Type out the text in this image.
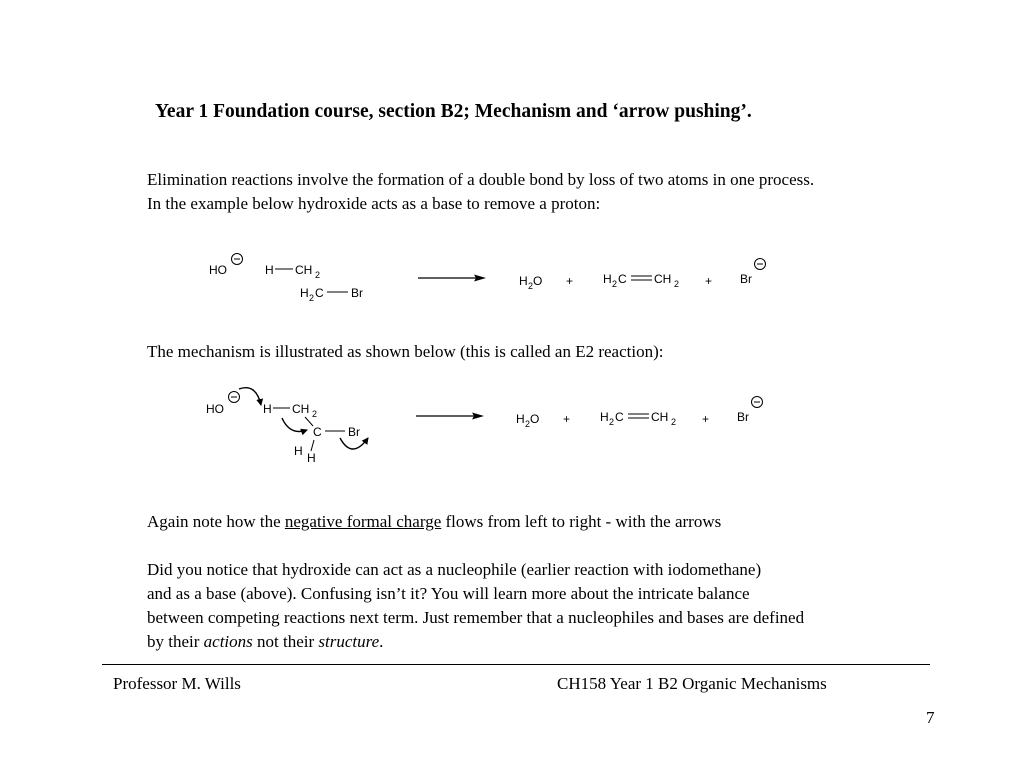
Year 1 Foundation course, section B2; Mechanism and ‘arrow pushing’.
Elimination reactions involve the formation of a double bond by loss of two atoms in one process.
In the example below hydroxide acts as a base to remove a proton:
HO	H CH 2
H 2 C Br
H 2 O + H 2 C CH 2 + Br
The mechanism is illustrated as shown below (this is called an E2 reaction):
HO	H CH 2
C Br
H H
H 2 O + H 2 C CH 2 + Br
Again note how the negative formal charge flows from left to right - with the arrows
Did you notice that hydroxide can act as a nucleophile (earlier reaction with iodomethane)
and as a base (above). Confusing isn’t it? You will learn more about the intricate balance
between competing reactions next term. Just remember that a nucleophiles and bases are defined
by their actions not their structure.
Professor M. Wills	CH158 Year 1 B2 Organic Mechanisms
7
